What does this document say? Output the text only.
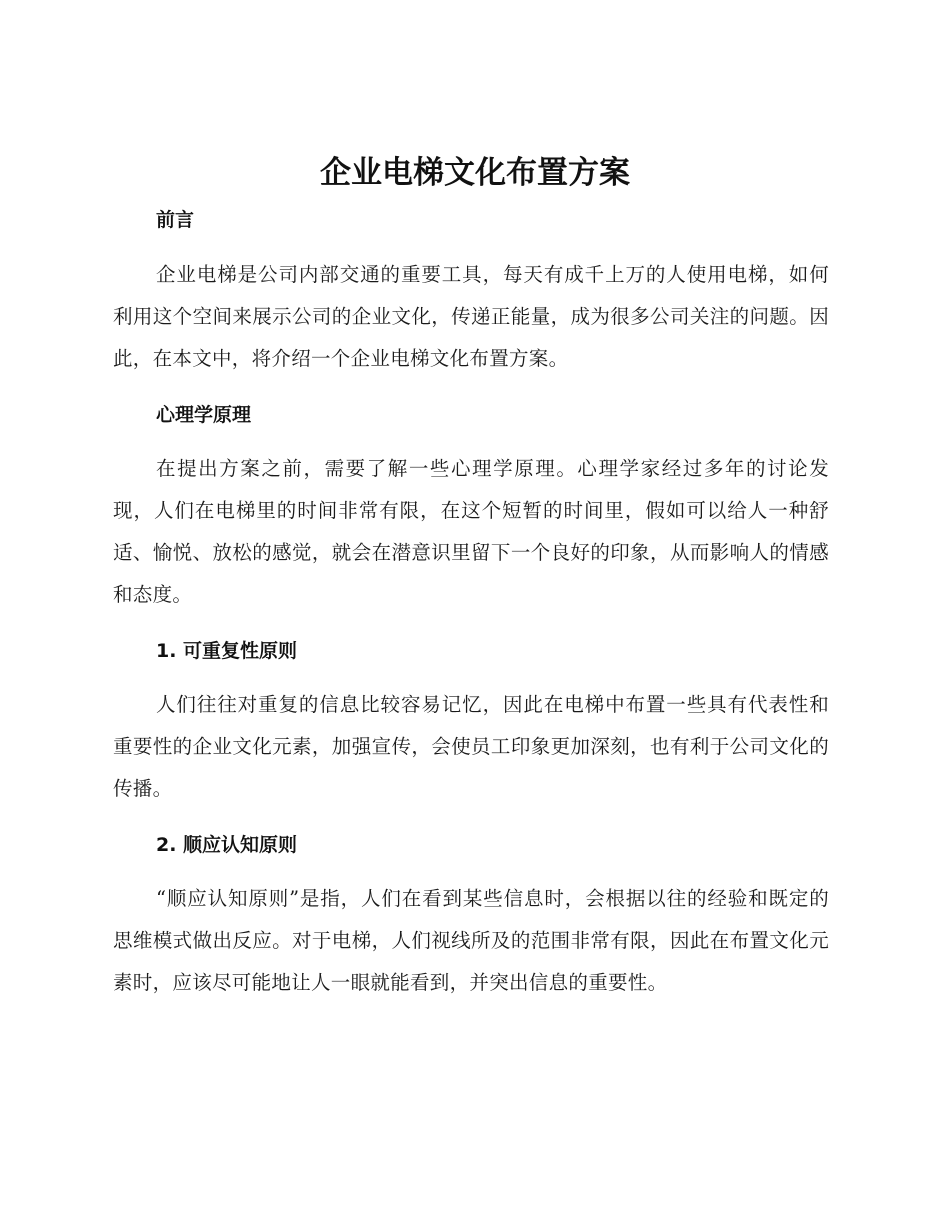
企业电梯文化布置方案
前言

企业电梯是公司内部交通的重要工具，每天有成千上万的人使用电梯，如何利用这个空间来展示公司的企业文化，传递正能量，成为很多公司关注的问题。因此，在本文中，将介绍一个企业电梯文化布置方案。

心理学原理

在提出方案之前，需要了解一些心理学原理。心理学家经过多年的讨论发现，人们在电梯里的时间非常有限，在这个短暂的时间里，假如可以给人一种舒适、愉悦、放松的感觉，就会在潜意识里留下一个良好的印象，从而影响人的情感和态度。

1. 可重复性原则

人们往往对重复的信息比较容易记忆，因此在电梯中布置一些具有代表性和重要性的企业文化元素，加强宣传，会使员工印象更加深刻，也有利于公司文化的传播。

2. 顺应认知原则

“顺应认知原则”是指，人们在看到某些信息时，会根据以往的经验和既定的思维模式做出反应。对于电梯，人们视线所及的范围非常有限，因此在布置文化元素时，应该尽可能地让人一眼就能看到，并突出信息的重要性。
